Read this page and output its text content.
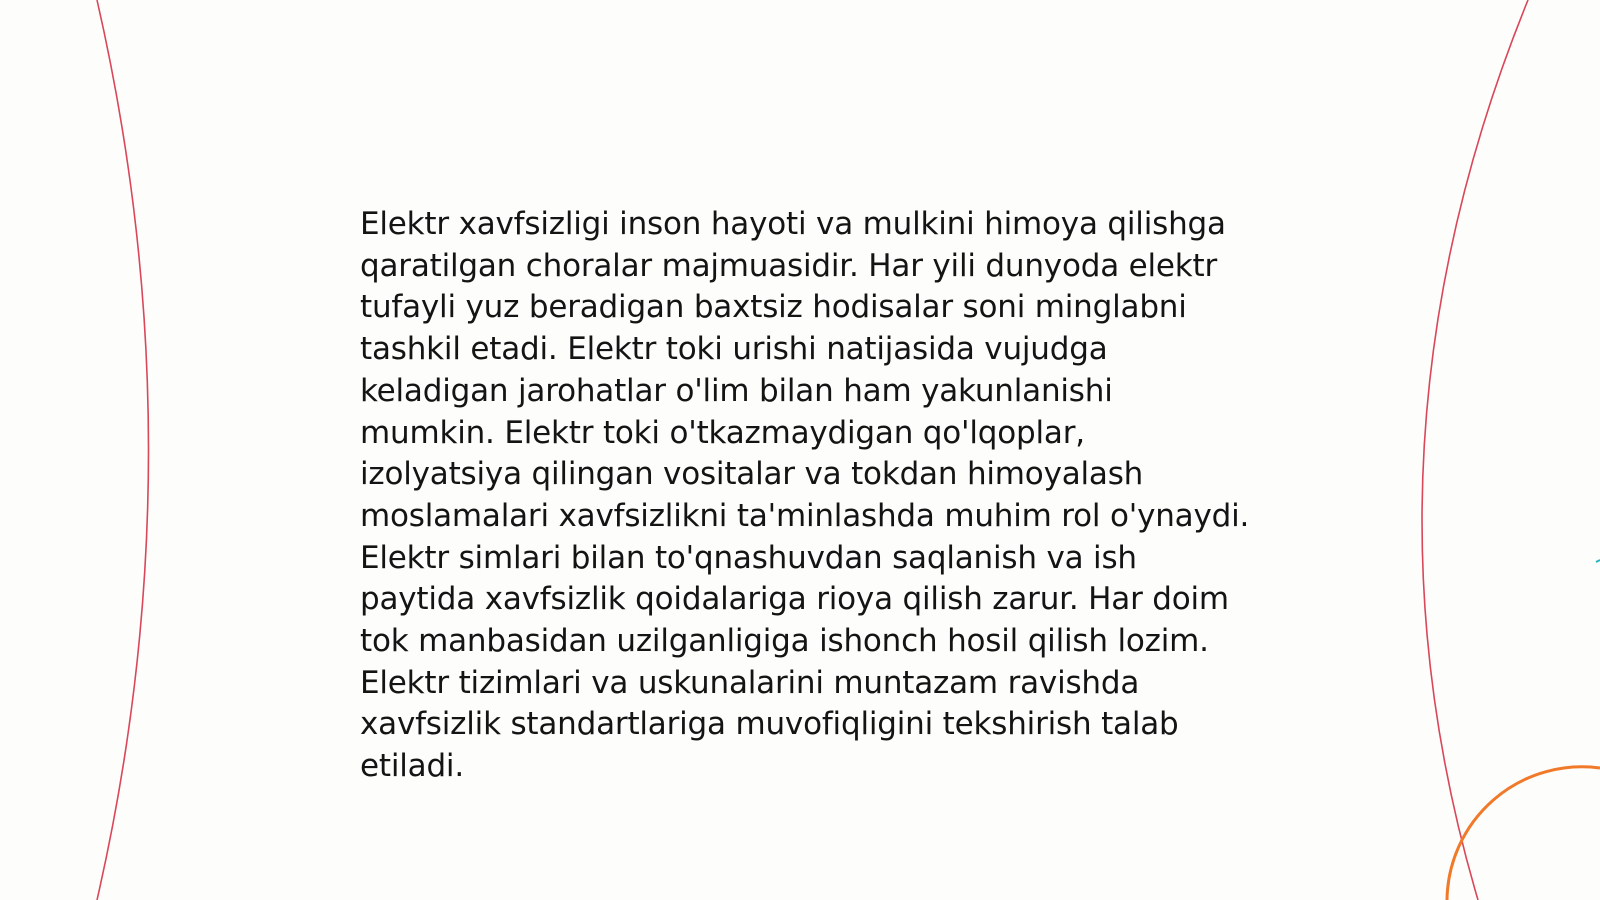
Elektr xavfsizligi inson hayoti va mulkini himoya qilishga qaratilgan choralar majmuasidir. Har yili dunyoda elektr tufayli yuz beradigan baxtsiz hodisalar soni minglabni tashkil etadi. Elektr toki urishi natijasida vujudga keladigan jarohatlar o'lim bilan ham yakunlanishi mumkin. Elektr toki o'tkazmaydigan qo'lqoplar, izolyatsiya qilingan vositalar va tokdan himoyalash moslamalari xavfsizlikni ta'minlashda muhim rol o'ynaydi. Elektr simlari bilan to'qnashuvdan saqlanish va ish paytida xavfsizlik qoidalariga rioya qilish zarur. Har doim tok manbasidan uzilganligiga ishonch hosil qilish lozim. Elektr tizimlari va uskunalarini muntazam ravishda xavfsizlik standartlariga muvofiqligini tekshirish talab etiladi.
